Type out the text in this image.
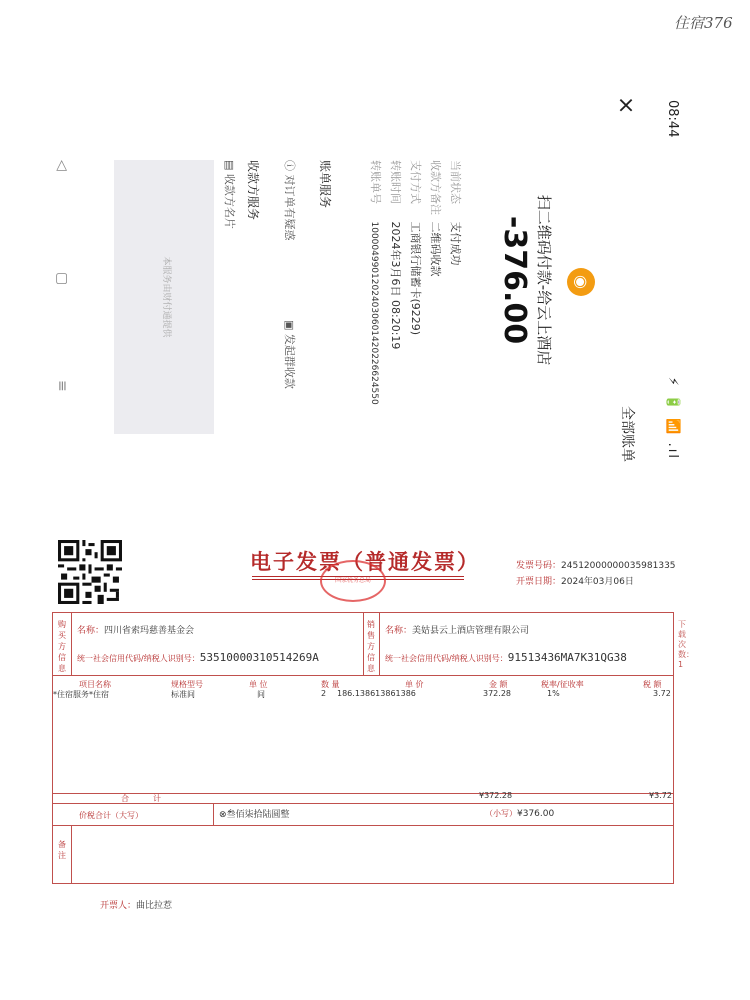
住宿376
08:44
⚡ 🔋 📶 .ıl
×
全部账单
◉
扫二维码付款-给云上酒店
-376.00
当前状态 支付成功
收款方备注 二维码收款
支付方式 工商银行储蓄卡(9229)
转账时间 2024年3月6日 08:20:19
转账单号 10000499012024030601420226624550
账单服务
ⓘ 对订单有疑惑
▣ 发起群收款
收款方服务
▤ 收款方名片
本服务由财付通提供
◁
▢
≡
电子发票（普通发票）
国家税务总局
发票号码：24512000000035981335
开票日期：2024年03月06日
下载次数：1
购买方信息
名称：四川省索玛慈善基金会
统一社会信用代码/纳税人识别号：53510000310514269A
销售方信息
名称：美姑县云上酒店管理有限公司
统一社会信用代码/纳税人识别号：91513436MA7K31QG38
项目名称	规格型号	单 位	数 量	单 价	金 额	税率/征收率	税 额
*住宿服务*住宿	标准间	间	2 186.138613861386	372.28	1%	3.72
合　　　计	¥372.28	¥3.72
价税合计（大写）	⊗叁佰柒拾陆圆整	（小写）¥376.00
备注
开票人：曲比拉惹
